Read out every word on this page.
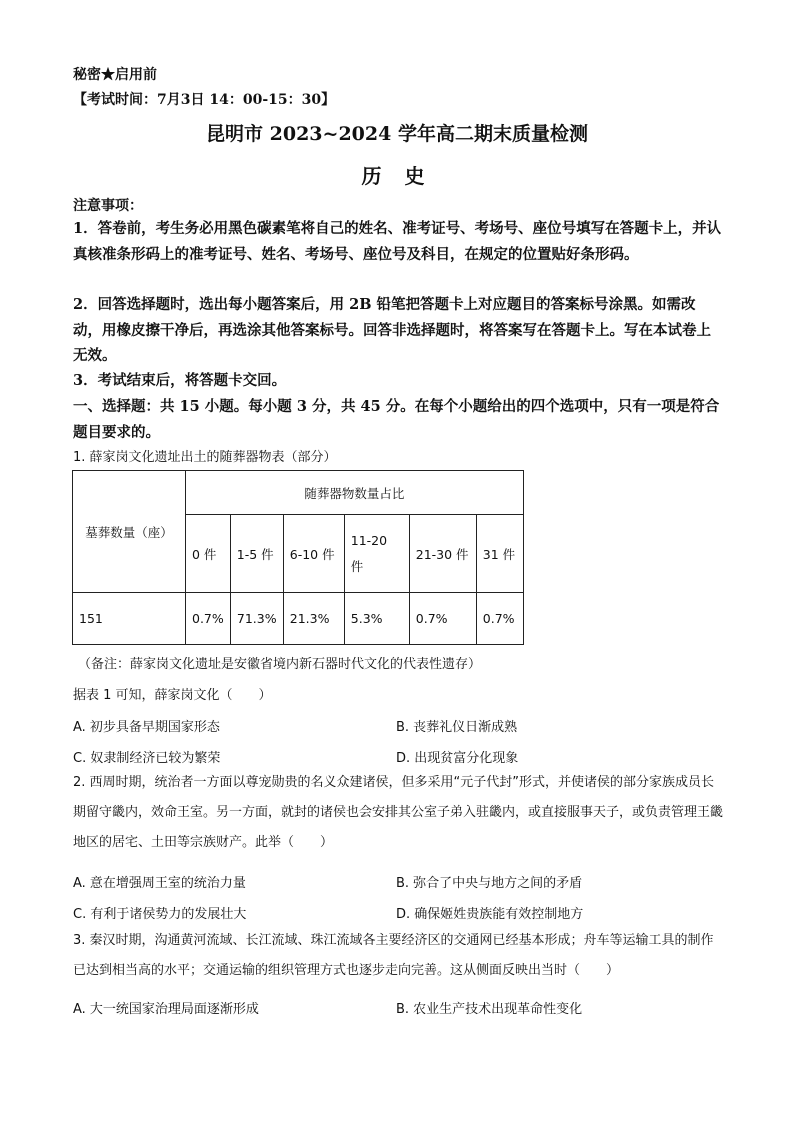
秘密★启用前
【考试时间：7月3日 14：00-15：30】
昆明市 2023~2024 学年高二期末质量检测
历 史
注意事项：
1．答卷前，考生务必用黑色碳素笔将自己的姓名、准考证号、考场号、座位号填写在答题卡上，并认真核准条形码上的准考证号、姓名、考场号、座位号及科目，在规定的位置贴好条形码。
2．回答选择题时，选出每小题答案后，用 2B 铅笔把答题卡上对应题目的答案标号涂黑。如需改动，用橡皮擦干净后，再选涂其他答案标号。回答非选择题时，将答案写在答题卡上。写在本试卷上无效。
3．考试结束后，将答题卡交回。
一、选择题：共 15 小题。每小题 3 分，共 45 分。在每个小题给出的四个选项中，只有一项是符合题目要求的。
1. 薛家岗文化遗址出土的随葬器物表（部分）
墓葬数量（座）	随葬器物数量占比					
	0 件	1-5 件	6-10 件	11-20 件	21-30 件	31 件
151	0.7%	71.3%	21.3%	5.3%	0.7%	0.7%
（备注：薛家岗文化遗址是安徽省境内新石器时代文化的代表性遗存）
据表 1 可知，薛家岗文化（　　）
A. 初步具备早期国家形态	B. 丧葬礼仪日渐成熟
C. 奴隶制经济已较为繁荣	D. 出现贫富分化现象
2. 西周时期，统治者一方面以尊宠勋贵的名义众建诸侯，但多采用“元子代封”形式，并使诸侯的部分家族成员长期留守畿内，效命王室。另一方面，就封的诸侯也会安排其公室子弟入驻畿内，或直接服事天子，或负责管理王畿地区的居宅、土田等宗族财产。此举（　　）
A. 意在增强周王室的统治力量	B. 弥合了中央与地方之间的矛盾
C. 有利于诸侯势力的发展壮大	D. 确保姬姓贵族能有效控制地方
3. 秦汉时期，沟通黄河流域、长江流域、珠江流域各主要经济区的交通网已经基本形成；舟车等运输工具的制作已达到相当高的水平；交通运输的组织管理方式也逐步走向完善。这从侧面反映出当时（　　）
A. 大一统国家治理局面逐渐形成	B. 农业生产技术出现革命性变化
